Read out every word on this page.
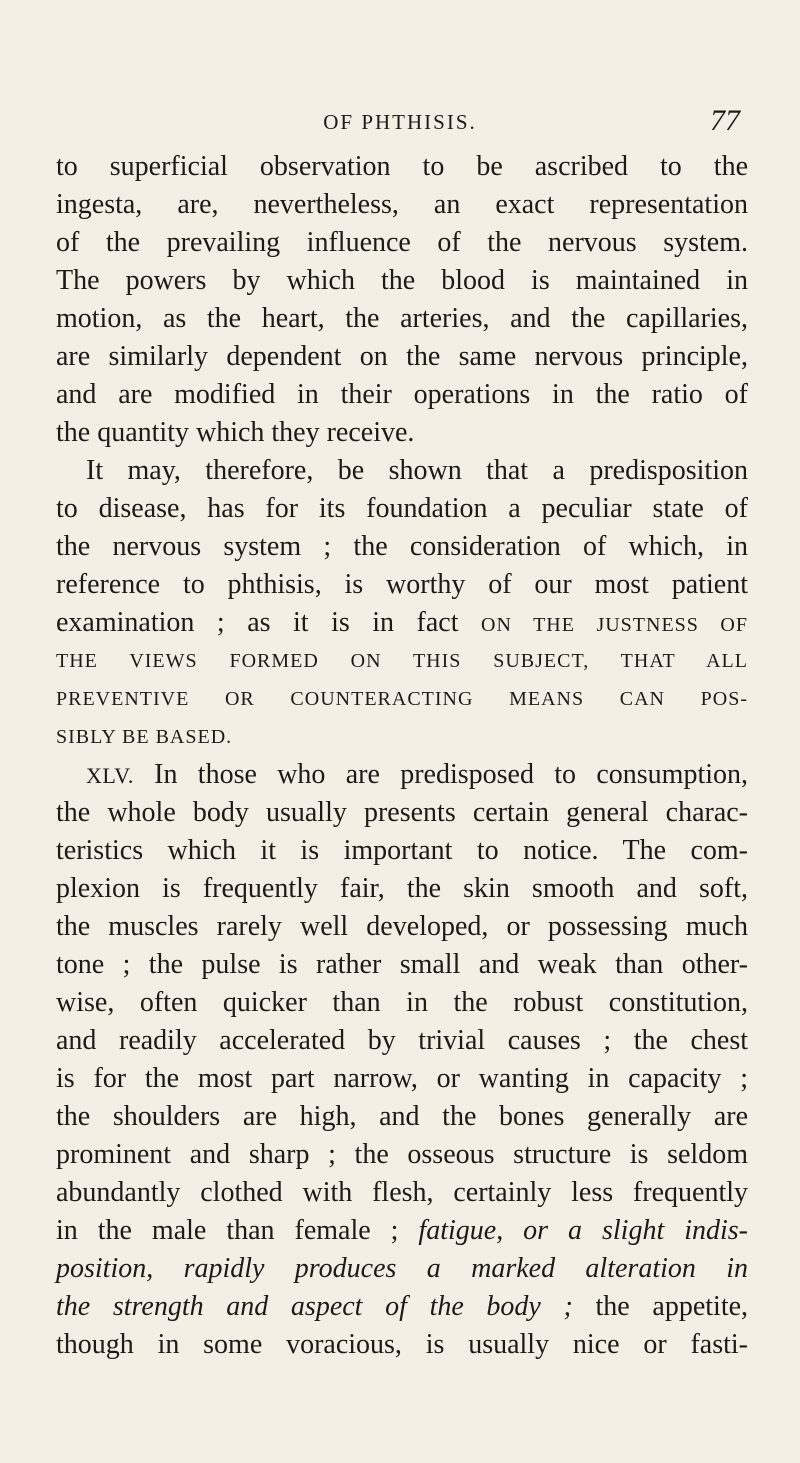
OF PHTHISIS.	77
to superficial observation to be ascribed to the
ingesta, are, nevertheless, an exact representation
of the prevailing influence of the nervous system.
The powers by which the blood is maintained in
motion, as the heart, the arteries, and the capillaries,
are similarly dependent on the same nervous principle,
and are modified in their operations in the ratio of
the quantity which they receive.
It may, therefore, be shown that a predisposition
to disease, has for its foundation a peculiar state of
the nervous system ; the consideration of which, in
reference to phthisis, is worthy of our most patient
examination ; as it is in fact ON THE JUSTNESS OF
THE VIEWS FORMED ON THIS SUBJECT, THAT ALL
PREVENTIVE OR COUNTERACTING MEANS CAN POS-
SIBLY BE BASED.
XLV. In those who are predisposed to consumption,
the whole body usually presents certain general charac-
teristics which it is important to notice. The com-
plexion is frequently fair, the skin smooth and soft,
the muscles rarely well developed, or possessing much
tone ; the pulse is rather small and weak than other-
wise, often quicker than in the robust constitution,
and readily accelerated by trivial causes ; the chest
is for the most part narrow, or wanting in capacity ;
the shoulders are high, and the bones generally are
prominent and sharp ; the osseous structure is seldom
abundantly clothed with flesh, certainly less frequently
in the male than female ; fatigue, or a slight indis-
position, rapidly produces a marked alteration in
the strength and aspect of the body ; the appetite,
though in some voracious, is usually nice or fasti-
